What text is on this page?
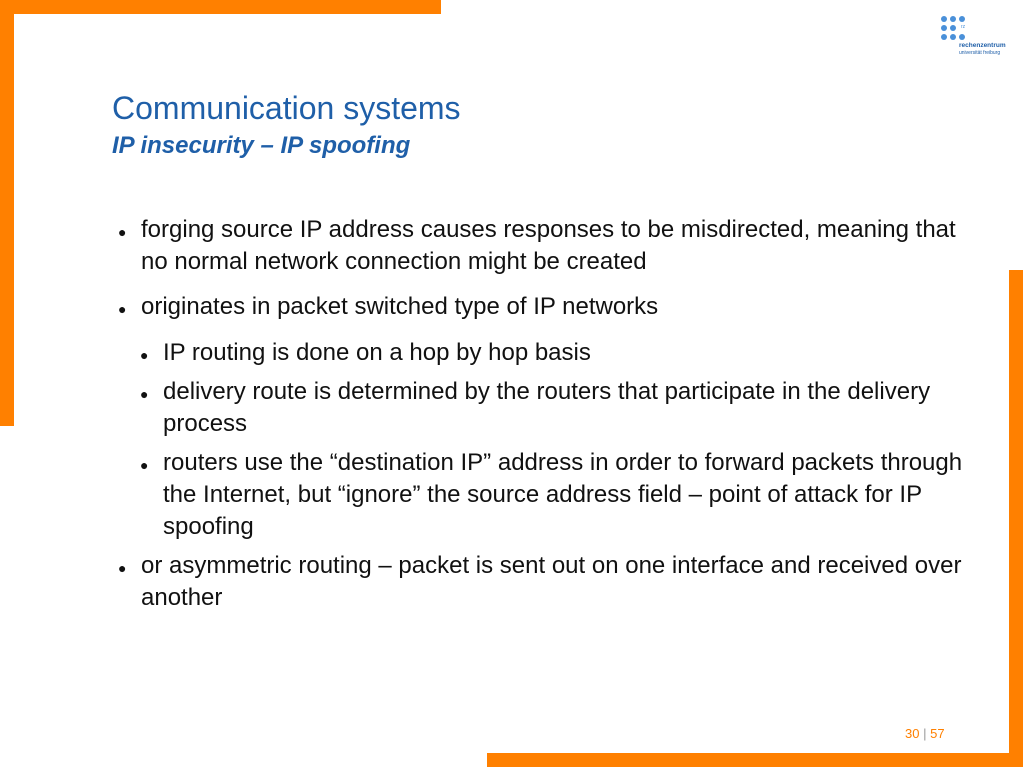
rz
rechenzentrum
universität freiburg
Communication systems
IP insecurity – IP spoofing
● forging source IP address causes responses to be misdirected, meaning that no normal network connection might be created
● originates in packet switched type of IP networks
● IP routing is done on a hop by hop basis
● delivery route is determined by the routers that participate in the delivery process
● routers use the “destination IP” address in order to forward packets through the Internet, but “ignore” the source address field – point of attack for IP spoofing
● or asymmetric routing – packet is sent out on one interface and received over another
30 | 57
